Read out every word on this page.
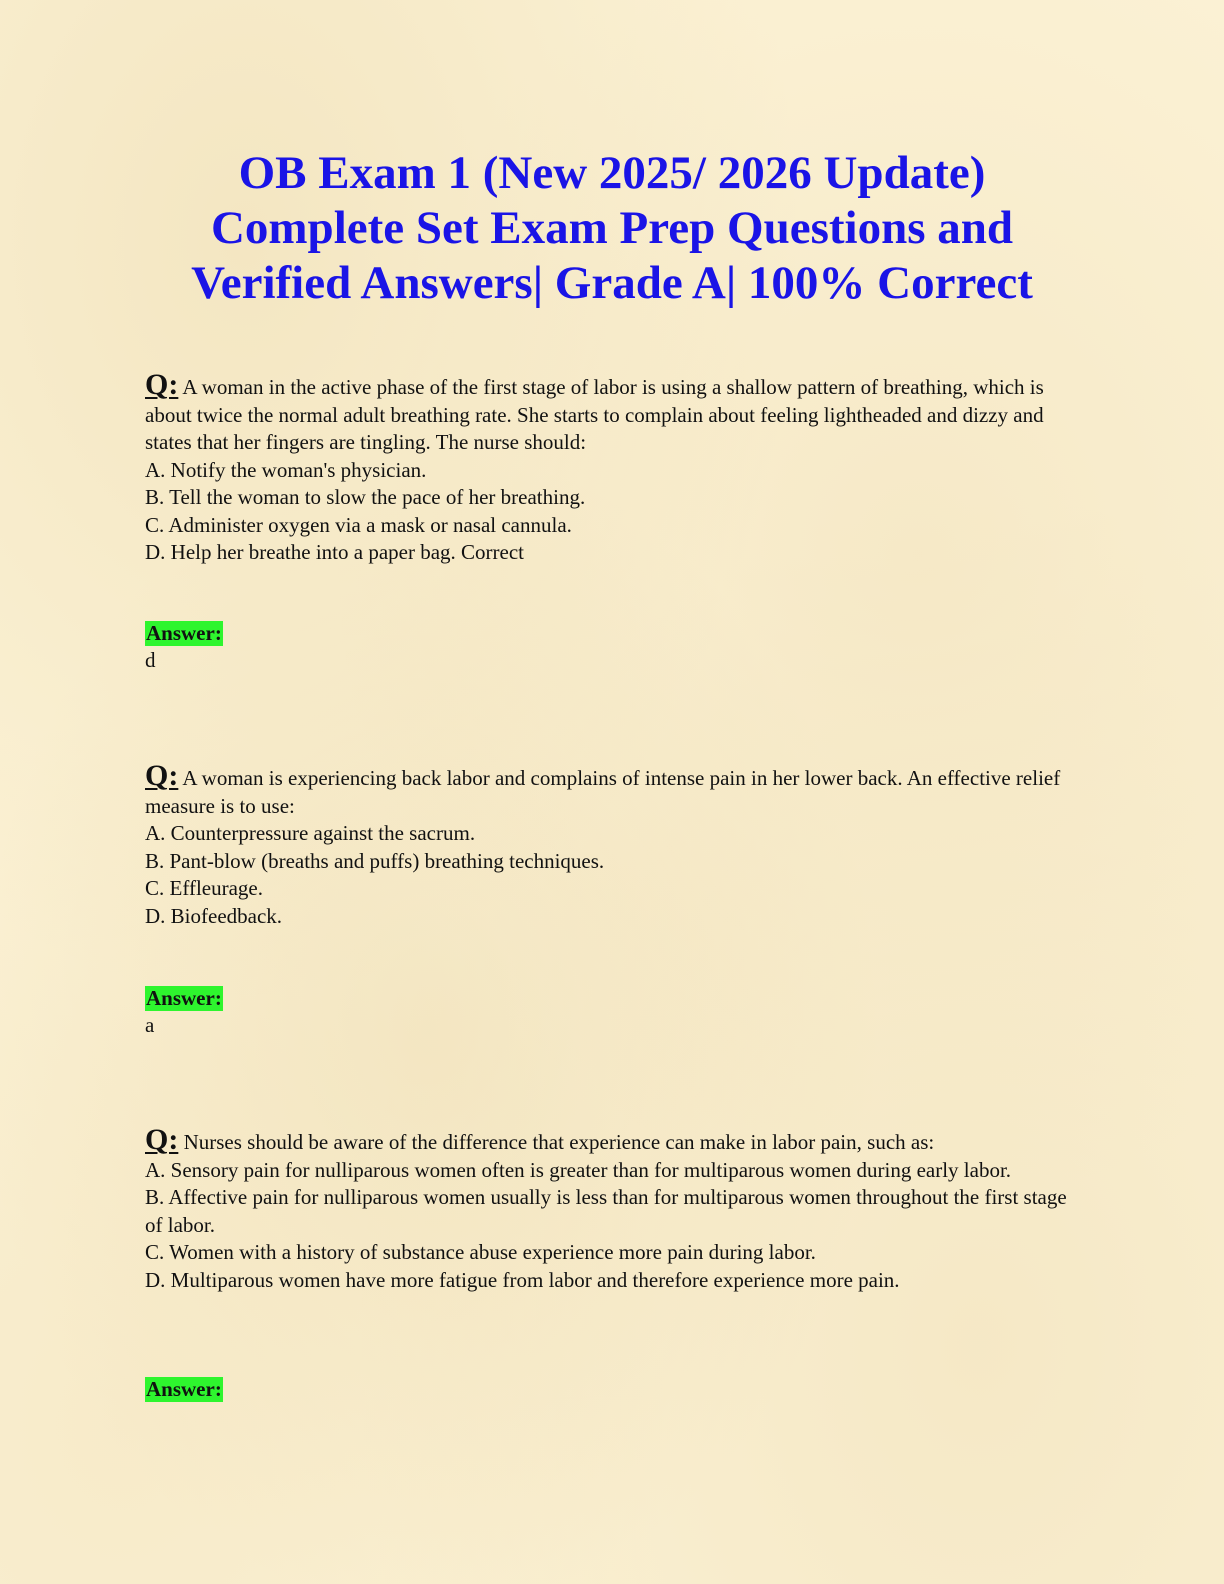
OB Exam 1 (New 2025/ 2026 Update)
Complete Set Exam Prep Questions and
Verified Answers| Grade A| 100% Correct

Q: A woman in the active phase of the first stage of labor is using a shallow pattern of breathing, which is about twice the normal adult breathing rate. She starts to complain about feeling lightheaded and dizzy and states that her fingers are tingling. The nurse should:

A. Notify the woman's physician.
B. Tell the woman to slow the pace of her breathing.
C. Administer oxygen via a mask or nasal cannula.
D. Help her breathe into a paper bag. Correct
Answer:
d

Q: A woman is experiencing back labor and complains of intense pain in her lower back. An effective relief measure is to use:

A. Counterpressure against the sacrum.
B. Pant-blow (breaths and puffs) breathing techniques.
C. Effleurage.
D. Biofeedback.
Answer:
a

Q: Nurses should be aware of the difference that experience can make in labor pain, such as:

A. Sensory pain for nulliparous women often is greater than for multiparous women during early labor.
B. Affective pain for nulliparous women usually is less than for multiparous women throughout the first stage of labor.
C. Women with a history of substance abuse experience more pain during labor.
D. Multiparous women have more fatigue from labor and therefore experience more pain.
Answer:
